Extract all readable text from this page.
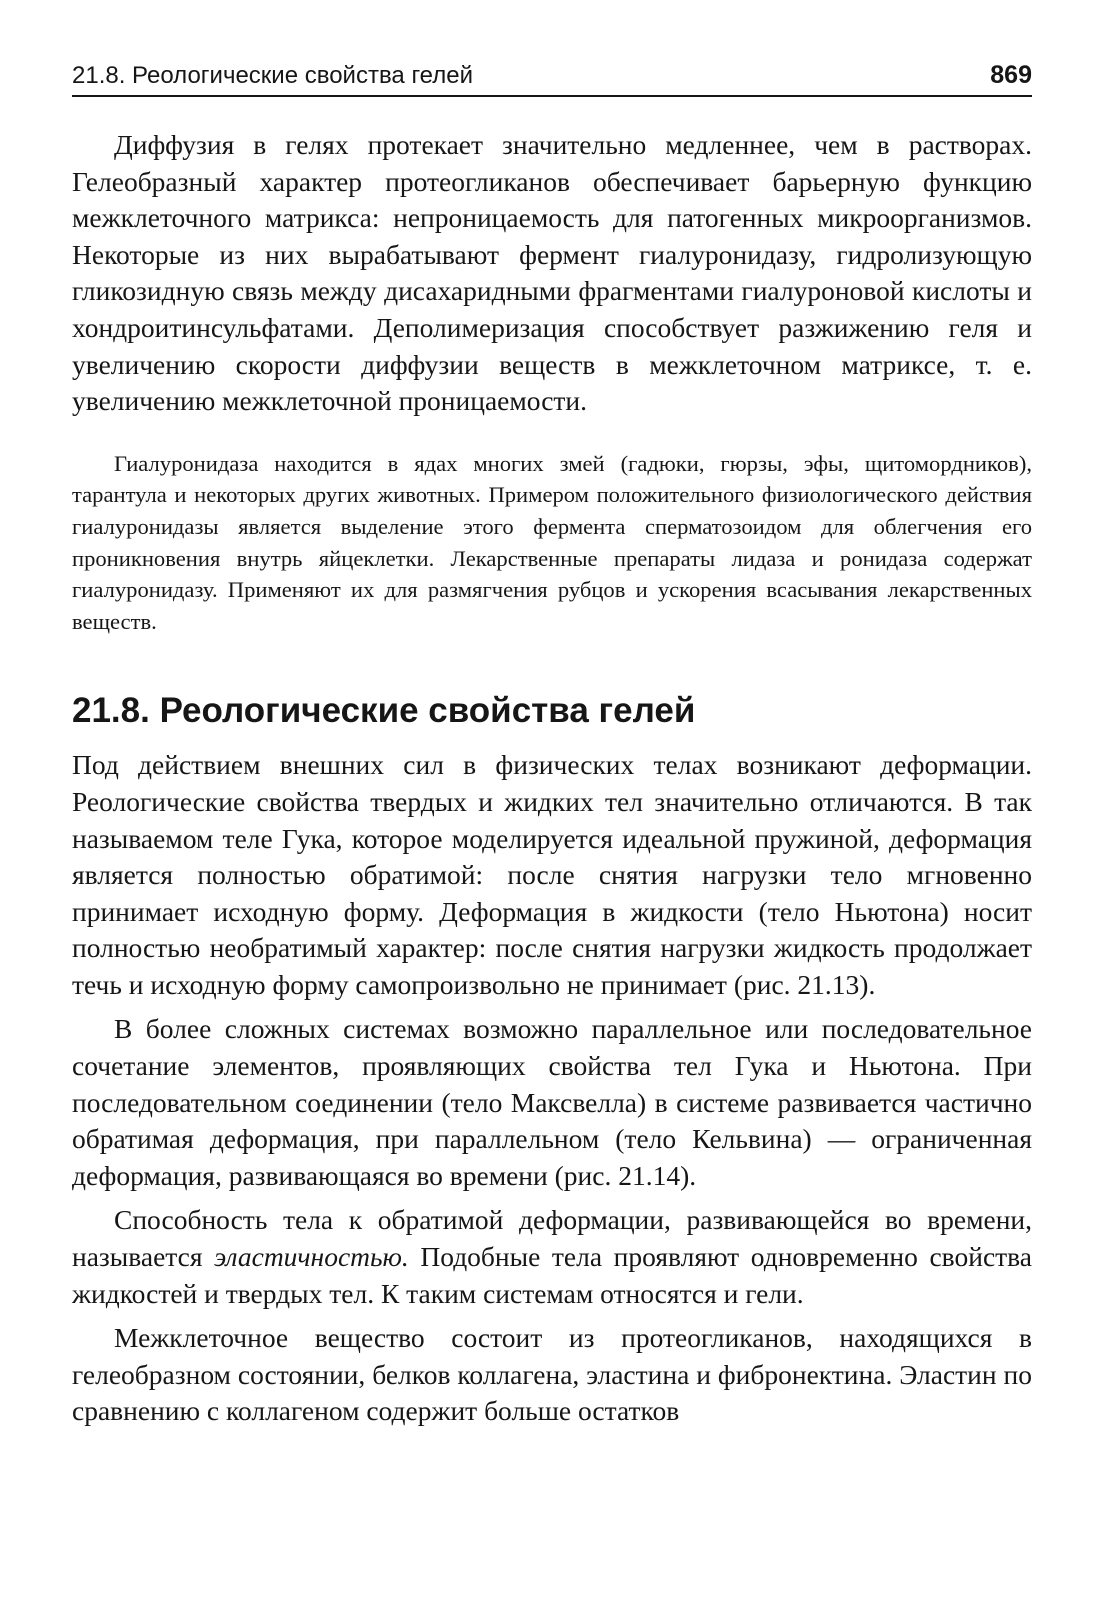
21.8. Реологические свойства гелей	869

Диффузия в гелях протекает значительно медленнее, чем в растворах. Гелеобразный характер протеогликанов обеспечивает барьерную функцию межклеточного матрикса: непроницаемость для патогенных микроорганизмов. Некоторые из них вырабатывают фермент гиалуронидазу, гидролизующую гликозидную связь между дисахаридными фрагментами гиалуроновой кислоты и хондроитинсульфатами. Деполимеризация способствует разжижению геля и увеличению скорости диффузии веществ в межклеточном матриксе, т. е. увеличению межклеточной проницаемости.

Гиалуронидаза находится в ядах многих змей (гадюки, гюрзы, эфы, щитомордников), тарантула и некоторых других животных. Примером положительного физиологического действия гиалуронидазы является выделение этого фермента сперматозоидом для облегчения его проникновения внутрь яйцеклетки. Лекарственные препараты лидаза и ронидаза содержат гиалуронидазу. Применяют их для размягчения рубцов и ускорения всасывания лекарственных веществ.

21.8. Реологические свойства гелей

Под действием внешних сил в физических телах возникают деформации. Реологические свойства твердых и жидких тел значительно отличаются. В так называемом теле Гука, которое моделируется идеальной пружиной, деформация является полностью обратимой: после снятия нагрузки тело мгновенно принимает исходную форму. Деформация в жидкости (тело Ньютона) носит полностью необратимый характер: после снятия нагрузки жидкость продолжает течь и исходную форму самопроизвольно не принимает (рис. 21.13).

В более сложных системах возможно параллельное или последовательное сочетание элементов, проявляющих свойства тел Гука и Ньютона. При последовательном соединении (тело Максвелла) в системе развивается частично обратимая деформация, при параллельном (тело Кельвина) — ограниченная деформация, развивающаяся во времени (рис. 21.14).

Способность тела к обратимой деформации, развивающейся во времени, называется эластичностью. Подобные тела проявляют одновременно свойства жидкостей и твердых тел. К таким системам относятся и гели.

Межклеточное вещество состоит из протеогликанов, находящихся в гелеобразном состоянии, белков коллагена, эластина и фибронектина. Эластин по сравнению с коллагеном содержит больше остатков
